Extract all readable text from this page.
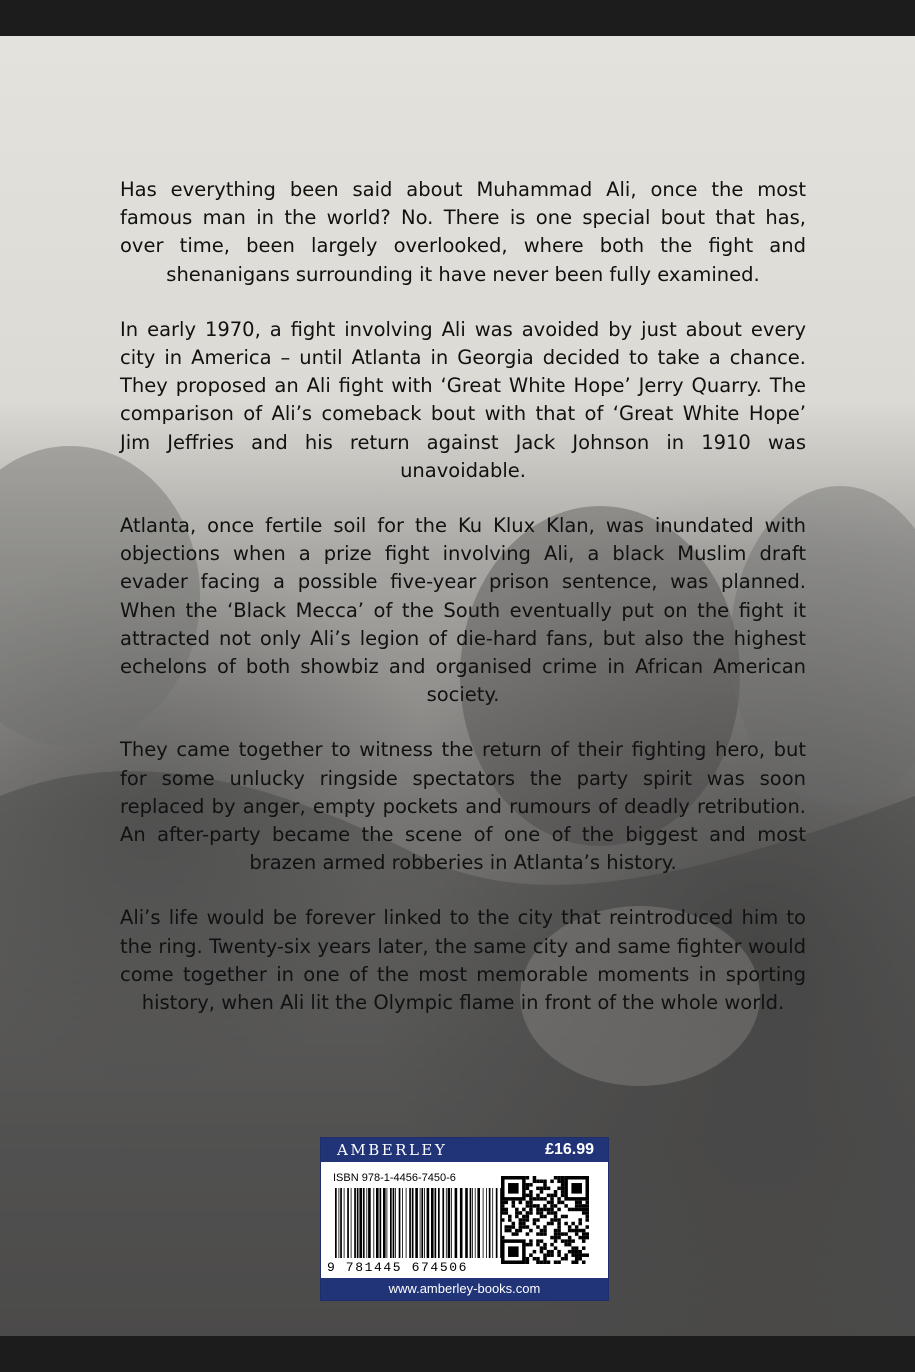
Has everything been said about Muhammad Ali, once the most famous man in the world? No. There is one special bout that has, over time, been largely overlooked, where both the fight and shenanigans surrounding it have never been fully examined.

In early 1970, a fight involving Ali was avoided by just about every city in America – until Atlanta in Georgia decided to take a chance. They proposed an Ali fight with ‘Great White Hope’ Jerry Quarry. The comparison of Ali’s comeback bout with that of ‘Great White Hope’ Jim Jeffries and his return against Jack Johnson in 1910 was unavoidable.

Atlanta, once fertile soil for the Ku Klux Klan, was inundated with objections when a prize fight involving Ali, a black Muslim draft evader facing a possible five-year prison sentence, was planned. When the ‘Black Mecca’ of the South eventually put on the fight it attracted not only Ali’s legion of die-hard fans, but also the highest echelons of both showbiz and organised crime in African American society.

They came together to witness the return of their fighting hero, but for some unlucky ringside spectators the party spirit was soon replaced by anger, empty pockets and rumours of deadly retribution. An after-party became the scene of one of the biggest and most brazen armed robberies in Atlanta’s history.

Ali’s life would be forever linked to the city that reintroduced him to the ring. Twenty-six years later, the same city and same fighter would come together in one of the most memorable moments in sporting history, when Ali lit the Olympic flame in front of the whole world.

AMBERLEY	£16.99
ISBN 978-1-4456-7450-6
9 781445 674506
www.amberley-books.com
